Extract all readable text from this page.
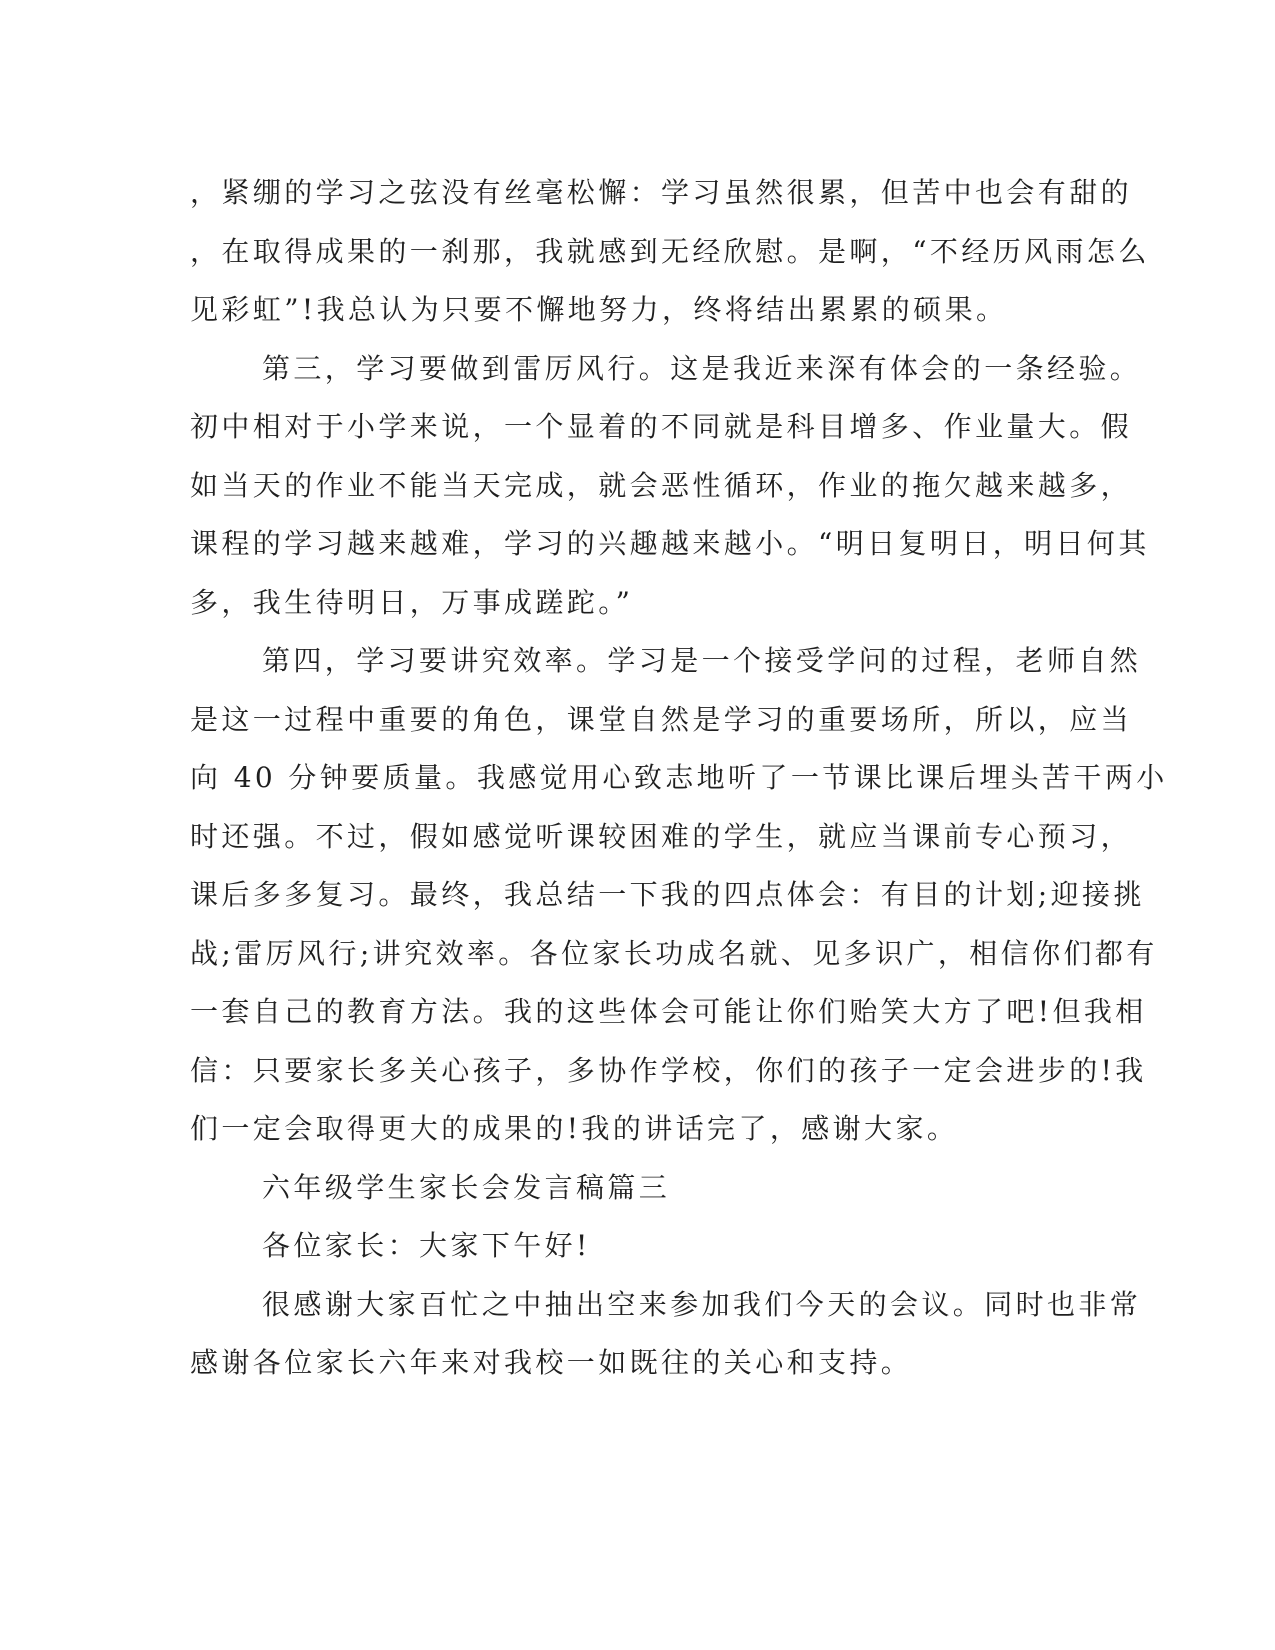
，紧绷的学习之弦没有丝毫松懈：学习虽然很累，但苦中也会有甜的
，在取得成果的一刹那，我就感到无经欣慰。是啊，“不经历风雨怎么
见彩虹”!我总认为只要不懈地努力，终将结出累累的硕果。
第三，学习要做到雷厉风行。这是我近来深有体会的一条经验。
初中相对于小学来说，一个显着的不同就是科目增多、作业量大。假
如当天的作业不能当天完成，就会恶性循环，作业的拖欠越来越多，
课程的学习越来越难，学习的兴趣越来越小。“明日复明日，明日何其
多，我生待明日，万事成蹉跎。”
第四，学习要讲究效率。学习是一个接受学问的过程，老师自然
是这一过程中重要的角色，课堂自然是学习的重要场所，所以，应当
向 40 分钟要质量。我感觉用心致志地听了一节课比课后埋头苦干两小
时还强。不过，假如感觉听课较困难的学生，就应当课前专心预习，
课后多多复习。最终，我总结一下我的四点体会：有目的计划;迎接挑
战;雷厉风行;讲究效率。各位家长功成名就、见多识广，相信你们都有
一套自己的教育方法。我的这些体会可能让你们贻笑大方了吧!但我相
信：只要家长多关心孩子，多协作学校，你们的孩子一定会进步的!我
们一定会取得更大的成果的!我的讲话完了，感谢大家。
六年级学生家长会发言稿篇三
各位家长：大家下午好!
很感谢大家百忙之中抽出空来参加我们今天的会议。同时也非常
感谢各位家长六年来对我校一如既往的关心和支持。
